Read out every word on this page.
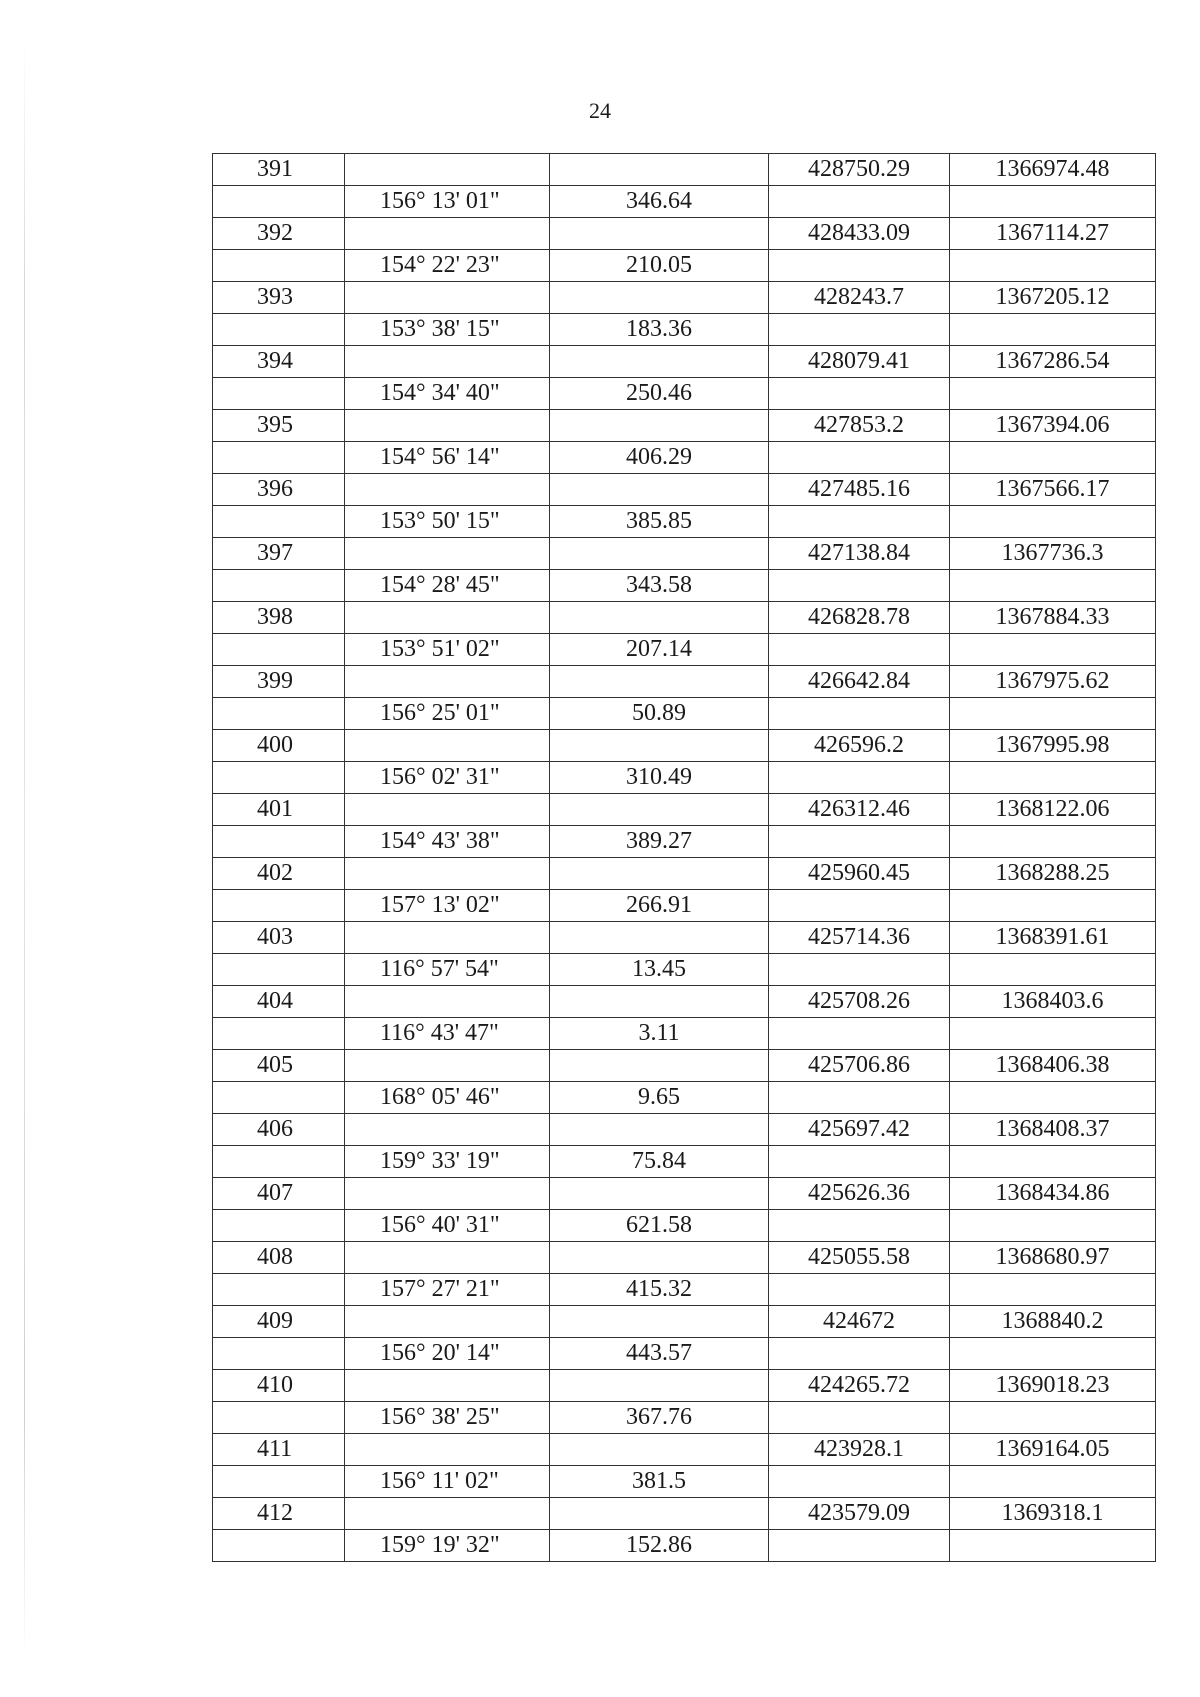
24
391			428750.29	1366974.48
	156° 13' 01"	346.64		
392			428433.09	1367114.27
	154° 22' 23"	210.05		
393			428243.7	1367205.12
	153° 38' 15"	183.36		
394			428079.41	1367286.54
	154° 34' 40"	250.46		
395			427853.2	1367394.06
	154° 56' 14"	406.29		
396			427485.16	1367566.17
	153° 50' 15"	385.85		
397			427138.84	1367736.3
	154° 28' 45"	343.58		
398			426828.78	1367884.33
	153° 51' 02"	207.14		
399			426642.84	1367975.62
	156° 25' 01"	50.89		
400			426596.2	1367995.98
	156° 02' 31"	310.49		
401			426312.46	1368122.06
	154° 43' 38"	389.27		
402			425960.45	1368288.25
	157° 13' 02"	266.91		
403			425714.36	1368391.61
	116° 57' 54"	13.45		
404			425708.26	1368403.6
	116° 43' 47"	3.11		
405			425706.86	1368406.38
	168° 05' 46"	9.65		
406			425697.42	1368408.37
	159° 33' 19"	75.84		
407			425626.36	1368434.86
	156° 40' 31"	621.58		
408			425055.58	1368680.97
	157° 27' 21"	415.32		
409			424672	1368840.2
	156° 20' 14"	443.57		
410			424265.72	1369018.23
	156° 38' 25"	367.76		
411			423928.1	1369164.05
	156° 11' 02"	381.5		
412			423579.09	1369318.1
	159° 19' 32"	152.86		
